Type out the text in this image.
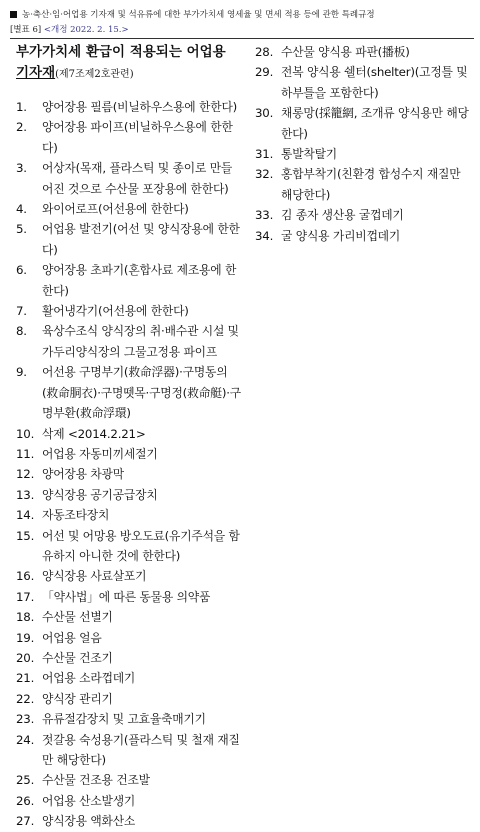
농·축산·임·어업용 기자재 및 석유류에 대한 부가가치세 영세율 및 면세 적용 등에 관한 특례규정
[별표 6] <개정 2022. 2. 15.>
부가가치세 환급이 적용되는 어업용
기자재(제7조제2호관련)
1.	양어장용 필름(비닐하우스용에 한한다)
2.	양어장용 파이프(비닐하우스용에 한한다)
3.	어상자(목재, 플라스틱 및 종이로 만들어진 것으로 수산물 포장용에 한한다)
4.	와이어로프(어선용에 한한다)
5.	어업용 발전기(어선 및 양식장용에 한한다)
6.	양어장용 초파기(혼합사료 제조용에 한한다)
7.	활어냉각기(어선용에 한한다)
8.	육상수조식 양식장의 취·배수관 시설 및 가두리양식장의 그물고정용 파이프
9.	어선용 구명부기(救命浮器)·구명동의(救命胴衣)·구명뗏목·구명정(救命艇)·구명부환(救命浮環)
10. 삭제 <2014.2.21>
11. 어업용 자동미끼세절기
12. 양어장용 차광막
13. 양식장용 공기공급장치
14. 자동조타장치
15. 어선 및 어망용 방오도료(유기주석을 함유하지 아니한 것에 한한다)
16. 양식장용 사료살포기
17. 「약사법」에 따른 동물용 의약품
18. 수산물 선별기
19. 어업용 얼음
20. 수산물 건조기
21. 어업용 소라껍데기
22. 양식장 관리기
23. 유류절감장치 및 고효율축매기기
24. 젓갈용 숙성용기(플라스틱 및 철재 재질만 해당한다)
25. 수산물 건조용 건조발
26. 어업용 산소발생기
27. 양식장용 액화산소
28. 수산물 양식용 파판(播板)
29. 전복 양식용 쉘터(shelter)(고정틀 및 하부틀을 포함한다)
30. 채롱망(採籠網, 조개류 양식용만 해당한다)
31. 통발착탈기
32. 홍합부착기(친환경 합성수지 재질만 해당한다)
33. 김 종자 생산용 굴껍데기
34. 굴 양식용 가리비껍데기
